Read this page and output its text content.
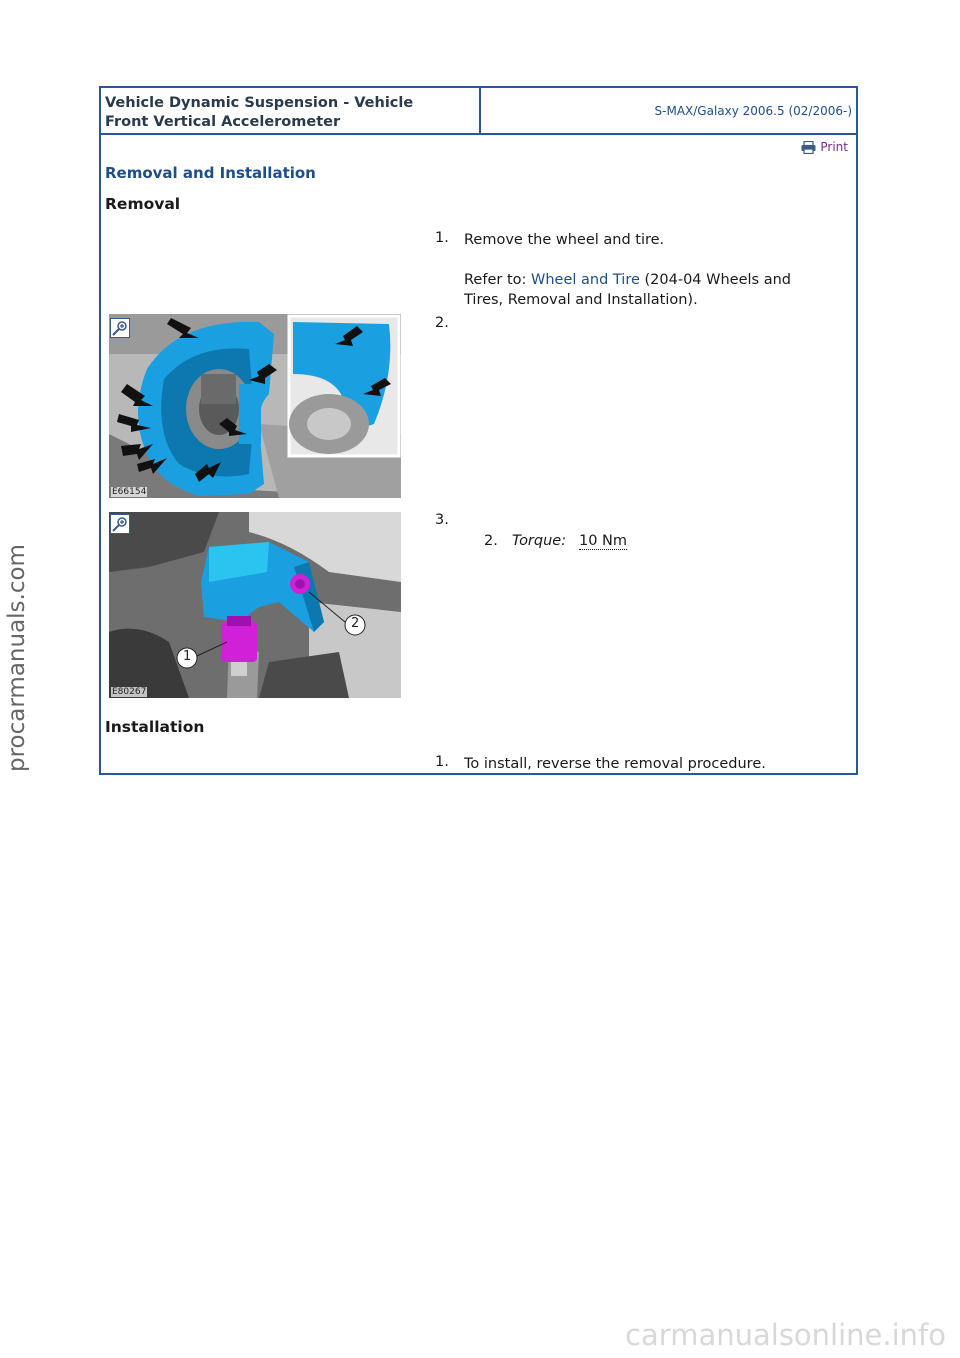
Vehicle Dynamic Suspension - Vehicle
Front Vertical Accelerometer
S-MAX/Galaxy 2006.5 (02/2006-)
Print
Removal and Installation
Removal
1. Remove the wheel and tire.
Refer to: Wheel and Tire (204-04 Wheels and Tires, Removal and Installation).
E66154
2.
1
2
E80267
3.
2. Torque: 10 Nm
Installation
1. To install, reverse the removal procedure.
procarmanuals.com
carmanualsonline.info
